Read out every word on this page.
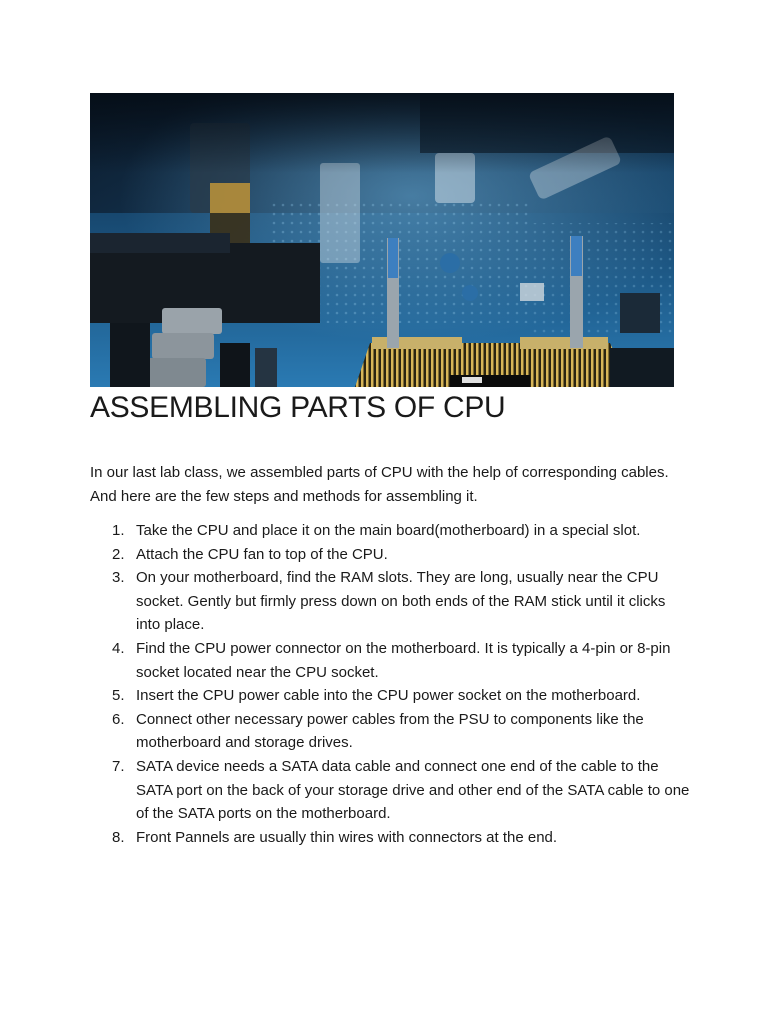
ASSEMBLING PARTS OF CPU

In our last lab class, we assembled parts of CPU with the help of corresponding cables. And here are the few steps and methods for assembling it.

1. Take the CPU and place it on the main board(motherboard) in a special slot.
2. Attach the CPU fan to top of the CPU.
3. On your motherboard, find the RAM slots. They are long, usually near the CPU socket. Gently but firmly press down on both ends of the RAM stick until it clicks into place.
4. Find the CPU power connector on the motherboard. It is typically a 4-pin or 8-pin socket located near the CPU socket.
5. Insert the CPU power cable into the CPU power socket on the motherboard.
6. Connect other necessary power cables from the PSU to components like the motherboard and storage drives.
7. SATA device needs a SATA data cable and connect one end of the cable to the SATA port on the back of your storage drive and other end of the SATA cable to one of the SATA ports on the motherboard.
8. Front Pannels are usually thin wires with connectors at the end.
